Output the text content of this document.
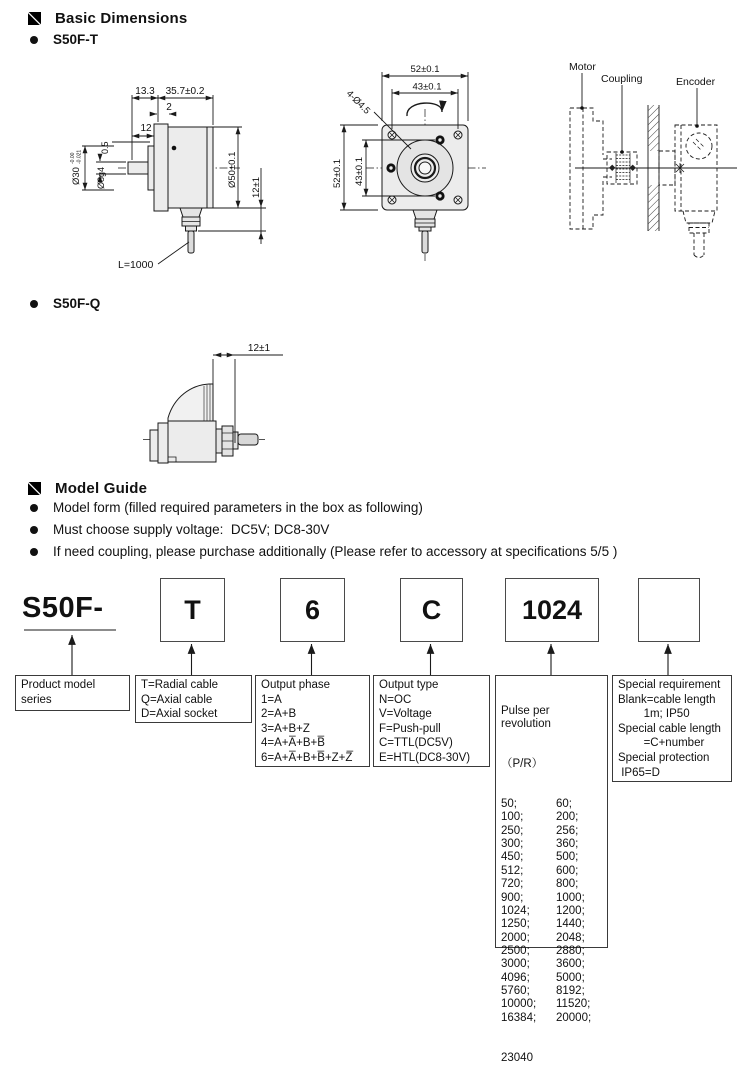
Basic Dimensions
S50F-T
13.3 35.7±0.2
2
12
0.5
Ø30
-0.00 -0.021
Ø8g4	Ø50±0.1 12±1
L=1000
52±0.1
43±0.1
52±0.1 43±0.1
4-Ø4.5
Motor
Coupling	Encoder
S50F-Q
12±1
Model Guide
Model form (filled required parameters in the box as following)
Must choose supply voltage:  DC5V; DC8-30V
If need coupling, please purchase additionally (Please refer to accessory at specifications 5/5 )
S50F-	T	6	C	1024
Product model
series
T=Radial cable
Q=Axial cable
D=Axial socket
Output phase
1=A
2=A+B
3=A+B+Z
4=A+A̅+B+B̅
6=A+A̅+B+B̅+Z+Z̅
Output type
N=OC
V=Voltage
F=Push-pull
C=TTL(DC5V)
E=HTL(DC8-30V)

Pulse per revolution

（P/R）

50;	60;
100;	200;
250;	256;
300;	360;
450;	500;
512;	600;
720;	800;
900;	1000;
1024;	1200;
1250;	1440;
2000;	2048;
2500;	2880;
3000;	3600;
4096;	5000;
5760;	8192;
10000;	11520;
16384;	20000;

23040

Special requirement
Blank=cable length
1m; IP50
Special cable length
=C+number
Special protection
IP65=D
